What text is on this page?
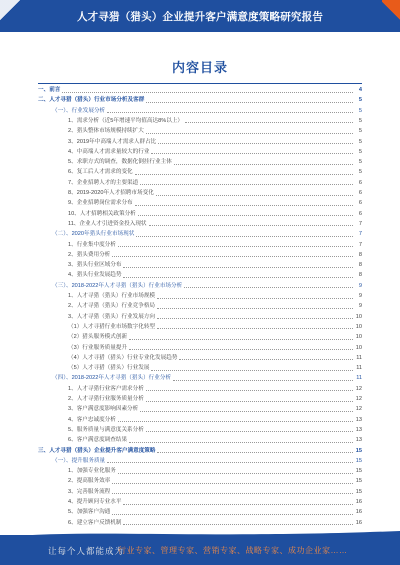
人才寻猎（猎头）企业提升客户满意度策略研究报告
内容目录
一、前言	4
二、人才寻猎（猎头）行业市场分析及客群	5
（一）、行业发展分析	5
1、需求分析（近5年增速平均值高达8%以上）	5
2、猎头整体市场规模持续扩大	5
3、2019年中高端人才需求人群占比	5
4、中高端人才需求量较大的行业	5
5、求职方式的调查，数据化倒挂行业主体	5
6、复工后人才需求的变化	5
7、企业招聘人才的主要渠道	6
8、2019-2020年人才招聘市场变化	6
9、企业招聘岗位需求分布	6
10、人才招聘相关政策分析	6
11、企业人才引进资金投入现状	7
（二）、2020年猎头行业市场现状	7
1、行业集中度分析	7
2、猎头费用分析	8
3、猎头行业区域分布	8
4、猎头行业发展趋势	8
（三）、2018-2022年人才寻猎（猎头）行业市场分析	9
1、人才寻猎（猎头）行业市场规模	9
2、人才寻猎（猎头）行业竞争格局	9
3、人才寻猎（猎头）行业发展方向	10
（1）人才寻猎行业市场数字化转型	10
（2）猎头服务模式创新	10
（3）行业服务质量提升	10
（4）人才寻猎（猎头）行业专业化发展趋势	11
（5）人才寻猎（猎头）行业发展	11
（四）、2018-2022年人才寻猎（猎头）行业分析	11
1、人才寻猎行业客户需求分析	12
2、人才寻猎行业服务质量分析	12
3、客户满意度影响因素分析	12
4、客户忠诚度分析	13
5、服务质量与满意度关系分析	13
6、客户满意度调查结果	13
三、人才寻猎（猎头）企业提升客户满意度策略	15
（一）、提升服务质量	15
1、加强专业化服务	15
2、提高服务效率	15
3、完善服务流程	15
4、提升顾问专业水平	16
5、加强客户沟通	16
6、建立客户反馈机制	16
让每个人都能成为
行业专家、管理专家、营销专家、战略专家、成功企业家……
